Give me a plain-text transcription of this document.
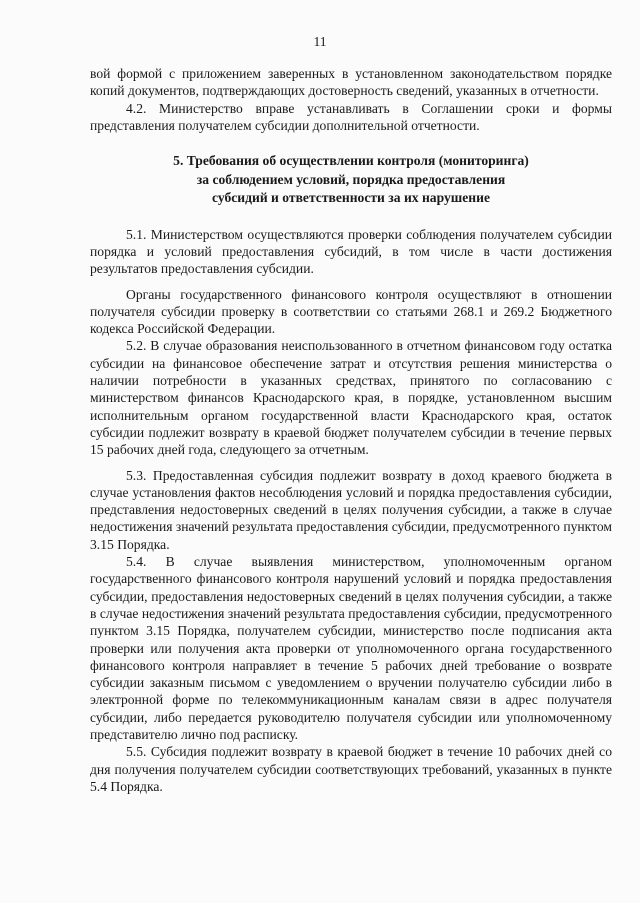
11

вой формой с приложением заверенных в установленном законодательством порядке копий документов, подтверждающих достоверность сведений, указанных в отчетности.

4.2. Министерство вправе устанавливать в Соглашении сроки и формы представления получателем субсидии дополнительной отчетности.

5. Требования об осуществлении контроля (мониторинга)
за соблюдением условий, порядка предоставления
субсидий и ответственности за их нарушение

5.1. Министерством осуществляются проверки соблюдения получателем субсидии порядка и условий предоставления субсидий, в том числе в части достижения результатов предоставления субсидии.

Органы государственного финансового контроля осуществляют в отношении получателя субсидии проверку в соответствии со статьями 268.1 и 269.2 Бюджетного кодекса Российской Федерации.

5.2. В случае образования неиспользованного в отчетном финансовом году остатка субсидии на финансовое обеспечение затрат и отсутствия решения министерства о наличии потребности в указанных средствах, принятого по согласованию с министерством финансов Краснодарского края, в порядке, установленном высшим исполнительным органом государственной власти Краснодарского края, остаток субсидии подлежит возврату в краевой бюджет получателем субсидии в течение первых 15 рабочих дней года, следующего за отчетным.

5.3. Предоставленная субсидия подлежит возврату в доход краевого бюджета в случае установления фактов несоблюдения условий и порядка предоставления субсидии, представления недостоверных сведений в целях получения субсидии, а также в случае недостижения значений результата предоставления субсидии, предусмотренного пунктом 3.15 Порядка.

5.4. В случае выявления министерством, уполномоченным органом государственного финансового контроля нарушений условий и порядка предоставления субсидии, предоставления недостоверных сведений в целях получения субсидии, а также в случае недостижения значений результата предоставления субсидии, предусмотренного пунктом 3.15 Порядка, получателем субсидии, министерство после подписания акта проверки или получения акта проверки от уполномоченного органа государственного финансового контроля направляет в течение 5 рабочих дней требование о возврате субсидии заказным письмом с уведомлением о вручении получателю субсидии либо в электронной форме по телекоммуникационным каналам связи в адрес получателя субсидии, либо передается руководителю получателя субсидии или уполномоченному представителю лично под расписку.

5.5. Субсидия подлежит возврату в краевой бюджет в течение 10 рабочих дней со дня получения получателем субсидии соответствующих требований, указанных в пункте 5.4 Порядка.
